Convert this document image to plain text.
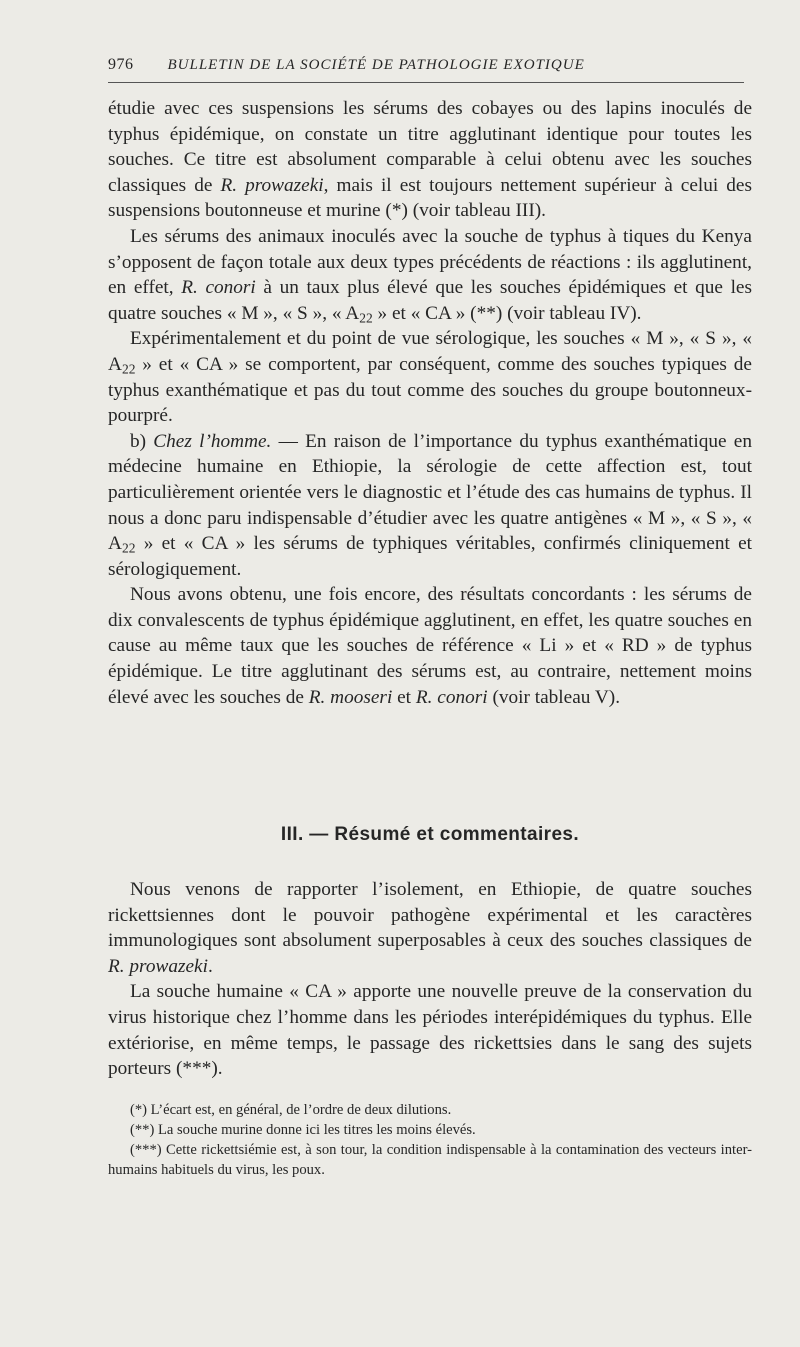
976 BULLETIN DE LA SOCIÉTÉ DE PATHOLOGIE EXOTIQUE

étudie avec ces suspensions les sérums des cobayes ou des lapins inoculés de typhus épidémique, on constate un titre agglutinant identique pour toutes les souches. Ce titre est absolument comparable à celui obtenu avec les souches classiques de R. prowazeki, mais il est toujours nettement supérieur à celui des suspensions boutonneuse et murine (*) (voir tableau III).

Les sérums des animaux inoculés avec la souche de typhus à tiques du Kenya s’opposent de façon totale aux deux types précédents de réactions : ils agglutinent, en effet, R. conori à un taux plus élevé que les souches épidémiques et que les quatre souches « M », « S », « $A_{22}$ » et « CA » (**) (voir tableau IV).

Expérimentalement et du point de vue sérologique, les souches « M », « S », « $A_{22}$ » et « CA » se comportent, par conséquent, comme des souches typiques de typhus exanthématique et pas du tout comme des souches du groupe boutonneux-pourpré.

b) Chez l’homme. — En raison de l’importance du typhus exanthématique en médecine humaine en Ethiopie, la sérologie de cette affection est, tout particulièrement orientée vers le diagnostic et l’étude des cas humains de typhus. Il nous a donc paru indispensable d’étudier avec les quatre antigènes « M », « S », « $A_{22}$ » et « CA » les sérums de typhiques véritables, confirmés cliniquement et sérologiquement.

Nous avons obtenu, une fois encore, des résultats concordants : les sérums de dix convalescents de typhus épidémique agglutinent, en effet, les quatre souches en cause au même taux que les souches de référence « Li » et « RD » de typhus épidémique. Le titre agglutinant des sérums est, au contraire, nettement moins élevé avec les souches de R. mooseri et R. conori (voir tableau V).

III. — Résumé et commentaires.

Nous venons de rapporter l’isolement, en Ethiopie, de quatre souches rickettsiennes dont le pouvoir pathogène expérimental et les caractères immunologiques sont absolument superposables à ceux des souches classiques de R. prowazeki.

La souche humaine « CA » apporte une nouvelle preuve de la conservation du virus historique chez l’homme dans les périodes interépidémiques du typhus. Elle extériorise, en même temps, le passage des rickettsies dans le sang des sujets porteurs (***).

(*) L’écart est, en général, de l’ordre de deux dilutions.

(**) La souche murine donne ici les titres les moins élevés.

(***) Cette rickettsiémie est, à son tour, la condition indispensable à la contamination des vecteurs inter-humains habituels du virus, les poux.
